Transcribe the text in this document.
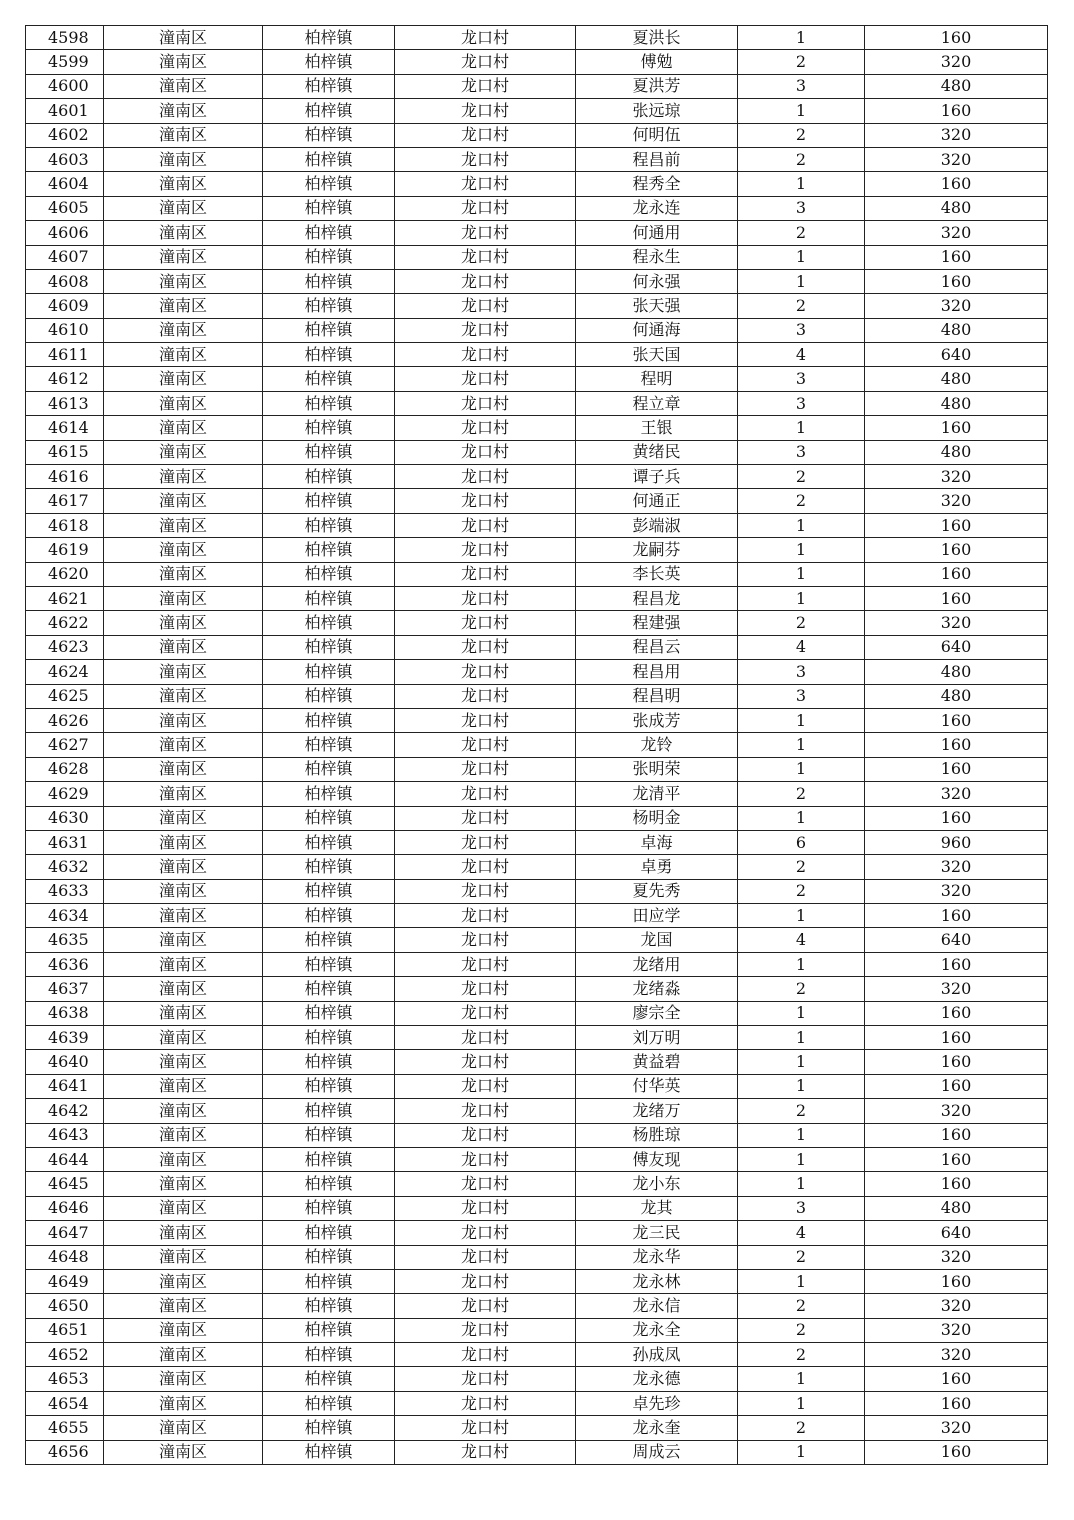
4598	潼南区	柏梓镇	龙口村	夏洪长	1	160
4599	潼南区	柏梓镇	龙口村	傅勉	2	320
4600	潼南区	柏梓镇	龙口村	夏洪芳	3	480
4601	潼南区	柏梓镇	龙口村	张远琼	1	160
4602	潼南区	柏梓镇	龙口村	何明伍	2	320
4603	潼南区	柏梓镇	龙口村	程昌前	2	320
4604	潼南区	柏梓镇	龙口村	程秀全	1	160
4605	潼南区	柏梓镇	龙口村	龙永连	3	480
4606	潼南区	柏梓镇	龙口村	何通用	2	320
4607	潼南区	柏梓镇	龙口村	程永生	1	160
4608	潼南区	柏梓镇	龙口村	何永强	1	160
4609	潼南区	柏梓镇	龙口村	张天强	2	320
4610	潼南区	柏梓镇	龙口村	何通海	3	480
4611	潼南区	柏梓镇	龙口村	张天国	4	640
4612	潼南区	柏梓镇	龙口村	程明	3	480
4613	潼南区	柏梓镇	龙口村	程立章	3	480
4614	潼南区	柏梓镇	龙口村	王银	1	160
4615	潼南区	柏梓镇	龙口村	黄绪民	3	480
4616	潼南区	柏梓镇	龙口村	谭子兵	2	320
4617	潼南区	柏梓镇	龙口村	何通正	2	320
4618	潼南区	柏梓镇	龙口村	彭端淑	1	160
4619	潼南区	柏梓镇	龙口村	龙嗣芬	1	160
4620	潼南区	柏梓镇	龙口村	李长英	1	160
4621	潼南区	柏梓镇	龙口村	程昌龙	1	160
4622	潼南区	柏梓镇	龙口村	程建强	2	320
4623	潼南区	柏梓镇	龙口村	程昌云	4	640
4624	潼南区	柏梓镇	龙口村	程昌用	3	480
4625	潼南区	柏梓镇	龙口村	程昌明	3	480
4626	潼南区	柏梓镇	龙口村	张成芳	1	160
4627	潼南区	柏梓镇	龙口村	龙铃	1	160
4628	潼南区	柏梓镇	龙口村	张明荣	1	160
4629	潼南区	柏梓镇	龙口村	龙清平	2	320
4630	潼南区	柏梓镇	龙口村	杨明金	1	160
4631	潼南区	柏梓镇	龙口村	卓海	6	960
4632	潼南区	柏梓镇	龙口村	卓勇	2	320
4633	潼南区	柏梓镇	龙口村	夏先秀	2	320
4634	潼南区	柏梓镇	龙口村	田应学	1	160
4635	潼南区	柏梓镇	龙口村	龙国	4	640
4636	潼南区	柏梓镇	龙口村	龙绪用	1	160
4637	潼南区	柏梓镇	龙口村	龙绪淼	2	320
4638	潼南区	柏梓镇	龙口村	廖宗全	1	160
4639	潼南区	柏梓镇	龙口村	刘万明	1	160
4640	潼南区	柏梓镇	龙口村	黄益碧	1	160
4641	潼南区	柏梓镇	龙口村	付华英	1	160
4642	潼南区	柏梓镇	龙口村	龙绪万	2	320
4643	潼南区	柏梓镇	龙口村	杨胜琼	1	160
4644	潼南区	柏梓镇	龙口村	傅友现	1	160
4645	潼南区	柏梓镇	龙口村	龙小东	1	160
4646	潼南区	柏梓镇	龙口村	龙其	3	480
4647	潼南区	柏梓镇	龙口村	龙三民	4	640
4648	潼南区	柏梓镇	龙口村	龙永华	2	320
4649	潼南区	柏梓镇	龙口村	龙永林	1	160
4650	潼南区	柏梓镇	龙口村	龙永信	2	320
4651	潼南区	柏梓镇	龙口村	龙永全	2	320
4652	潼南区	柏梓镇	龙口村	孙成凤	2	320
4653	潼南区	柏梓镇	龙口村	龙永德	1	160
4654	潼南区	柏梓镇	龙口村	卓先珍	1	160
4655	潼南区	柏梓镇	龙口村	龙永奎	2	320
4656	潼南区	柏梓镇	龙口村	周成云	1	160
